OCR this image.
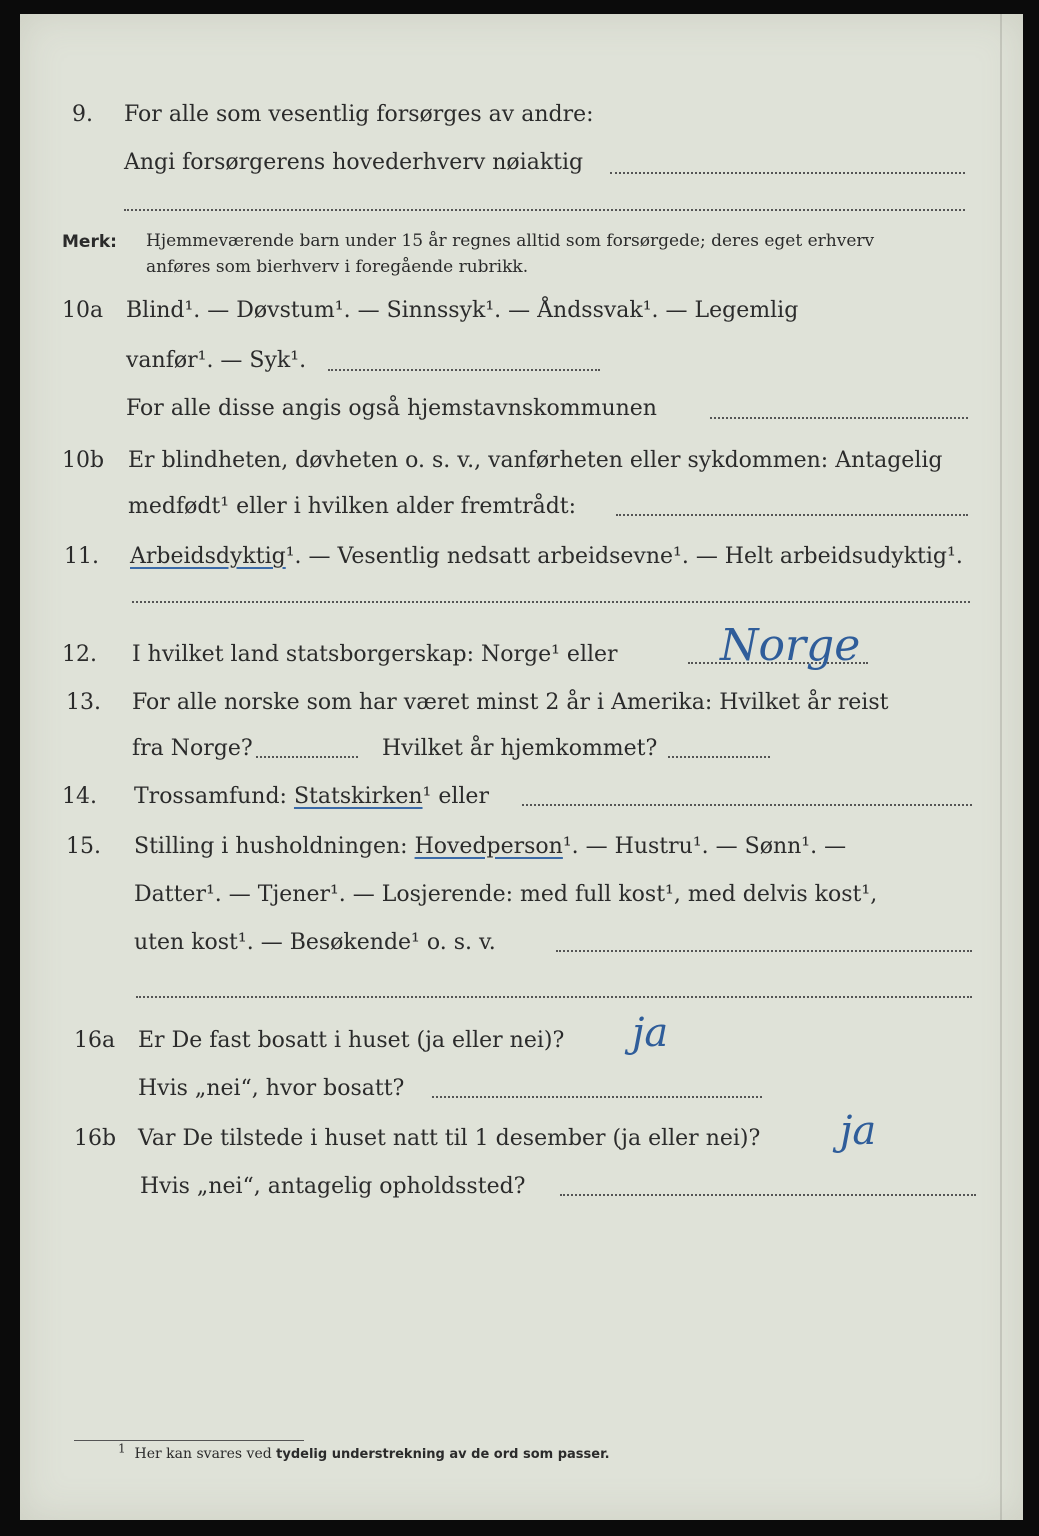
9. For alle som vesentlig forsørges av andre:
Angi forsørgerens hovederhverv nøiaktig
Merk: Hjemmeværende barn under 15 år regnes alltid som forsørgede; deres eget erhverv
anføres som bierhverv i foregående rubrikk.
10a Blind¹. — Døvstum¹. — Sinnssyk¹. — Åndssvak¹. — Legemlig
vanfør¹. — Syk¹.
For alle disse angis også hjemstavnskommunen
10b Er blindheten, døvheten o. s. v., vanførheten eller sykdommen: Antagelig
medfødt¹ eller i hvilken alder fremtrådt:
11. Arbeidsdyktig¹. — Vesentlig nedsatt arbeidsevne¹. — Helt arbeidsudyktig¹.
12. I hvilket land statsborgerskap: Norge¹ eller Norge
13. For alle norske som har været minst 2 år i Amerika: Hvilket år reist
fra Norge?	Hvilket år hjemkommet?
14. Trossamfund: Statskirken¹ eller
15. Stilling i husholdningen: Hovedperson¹. — Hustru¹. — Sønn¹. —
Datter¹. — Tjener¹. — Losjerende: med full kost¹, med delvis kost¹,
uten kost¹. — Besøkende¹ o. s. v.
16a Er De fast bosatt i huset (ja eller nei)? ja
Hvis „nei“, hvor bosatt?
16b Var De tilstede i huset natt til 1 desember (ja eller nei)? ja
Hvis „nei“, antagelig opholdssted?
1 Her kan svares ved tydelig understrekning av de ord som passer.
